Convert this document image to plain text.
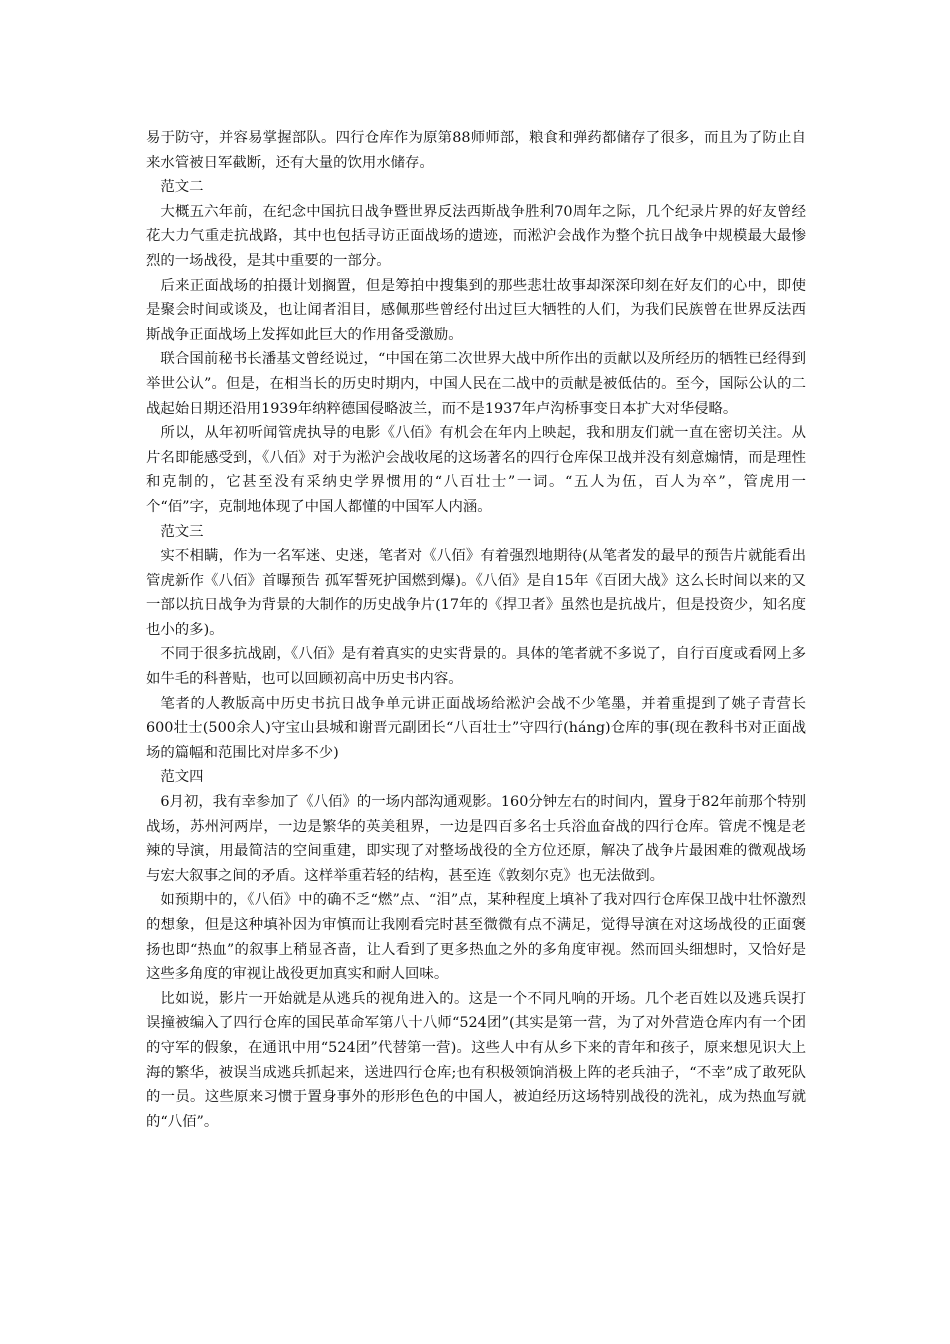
易于防守，并容易掌握部队。四行仓库作为原第88师师部，粮食和弹药都储存了很多，而且为了防止自来水管被日军截断，还有大量的饮用水储存。

范文二

大概五六年前，在纪念中国抗日战争暨世界反法西斯战争胜利70周年之际，几个纪录片界的好友曾经花大力气重走抗战路，其中也包括寻访正面战场的遗迹，而淞沪会战作为整个抗日战争中规模最大最惨烈的一场战役，是其中重要的一部分。

后来正面战场的拍摄计划搁置，但是筹拍中搜集到的那些悲壮故事却深深印刻在好友们的心中，即使是聚会时间或谈及，也让闻者泪目，感佩那些曾经付出过巨大牺牲的人们，为我们民族曾在世界反法西斯战争正面战场上发挥如此巨大的作用备受激励。

联合国前秘书长潘基文曾经说过，“中国在第二次世界大战中所作出的贡献以及所经历的牺牲已经得到举世公认”。但是，在相当长的历史时期内，中国人民在二战中的贡献是被低估的。至今，国际公认的二战起始日期还沿用1939年纳粹德国侵略波兰，而不是1937年卢沟桥事变日本扩大对华侵略。

所以，从年初听闻管虎执导的电影《八佰》有机会在年内上映起，我和朋友们就一直在密切关注。从片名即能感受到，《八佰》对于为淞沪会战收尾的这场著名的四行仓库保卫战并没有刻意煽情，而是理性和克制的，它甚至没有采纳史学界惯用的“八百壮士”一词。“五人为伍，百人为卒”，管虎用一个“佰”字，克制地体现了中国人都懂的中国军人内涵。

范文三

实不相瞒，作为一名军迷、史迷，笔者对《八佰》有着强烈地期待(从笔者发的最早的预告片就能看出管虎新作《八佰》首曝预告 孤军誓死护国燃到爆)。《八佰》是自15年《百团大战》这么长时间以来的又一部以抗日战争为背景的大制作的历史战争片(17年的《捍卫者》虽然也是抗战片，但是投资少，知名度也小的多)。

不同于很多抗战剧，《八佰》是有着真实的史实背景的。具体的笔者就不多说了，自行百度或看网上多如牛毛的科普贴，也可以回顾初高中历史书内容。

笔者的人教版高中历史书抗日战争单元讲正面战场给淞沪会战不少笔墨，并着重提到了姚子青营长600壮士(500余人)守宝山县城和谢晋元副团长“八百壮士”守四行(háng)仓库的事(现在教科书对正面战场的篇幅和范围比对岸多不少)

范文四

6月初，我有幸参加了《八佰》的一场内部沟通观影。160分钟左右的时间内，置身于82年前那个特别战场，苏州河两岸，一边是繁华的英美租界，一边是四百多名士兵浴血奋战的四行仓库。管虎不愧是老辣的导演，用最简洁的空间重建，即实现了对整场战役的全方位还原，解决了战争片最困难的微观战场与宏大叙事之间的矛盾。这样举重若轻的结构，甚至连《敦刻尔克》也无法做到。

如预期中的，《八佰》中的确不乏“燃”点、“泪”点，某种程度上填补了我对四行仓库保卫战中壮怀激烈的想象，但是这种填补因为审慎而让我刚看完时甚至微微有点不满足，觉得导演在对这场战役的正面褒扬也即“热血”的叙事上稍显吝啬，让人看到了更多热血之外的多角度审视。然而回头细想时，又恰好是这些多角度的审视让战役更加真实和耐人回味。

比如说，影片一开始就是从逃兵的视角进入的。这是一个不同凡响的开场。几个老百姓以及逃兵误打误撞被编入了四行仓库的国民革命军第八十八师“524团”(其实是第一营，为了对外营造仓库内有一个团的守军的假象，在通讯中用“524团”代替第一营)。这些人中有从乡下来的青年和孩子，原来想见识大上海的繁华，被误当成逃兵抓起来，送进四行仓库;也有积极领饷消极上阵的老兵油子，“不幸”成了敢死队的一员。这些原来习惯于置身事外的形形色色的中国人，被迫经历这场特别战役的洗礼，成为热血写就的“八佰”。
